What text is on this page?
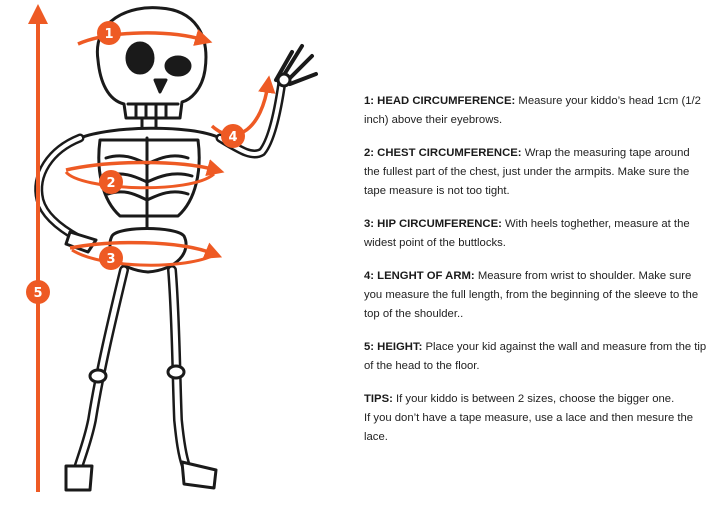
1
2
3
4
5

1: HEAD CIRCUMFERENCE: Measure your kiddo’s head 1cm (1/2 inch) above their eyebrows.

2: CHEST CIRCUMFERENCE: Wrap the measuring tape around the fullest part of the chest, just under the armpits. Make sure the tape measure is not too tight.

3: HIP CIRCUMFERENCE: With heels toghether, measure at the widest point of the buttlocks.

4: LENGHT OF ARM: Measure from wrist to shoulder. Make sure you measure the full length, from the beginning of the sleeve to the top of the shoulder..

5: HEIGHT: Place your kid against the wall and measure from the tip of the head to the floor.

TIPS: If your kiddo is between 2 sizes, choose the bigger one.
If you don’t have a tape measure, use a lace and then mesure the lace.
